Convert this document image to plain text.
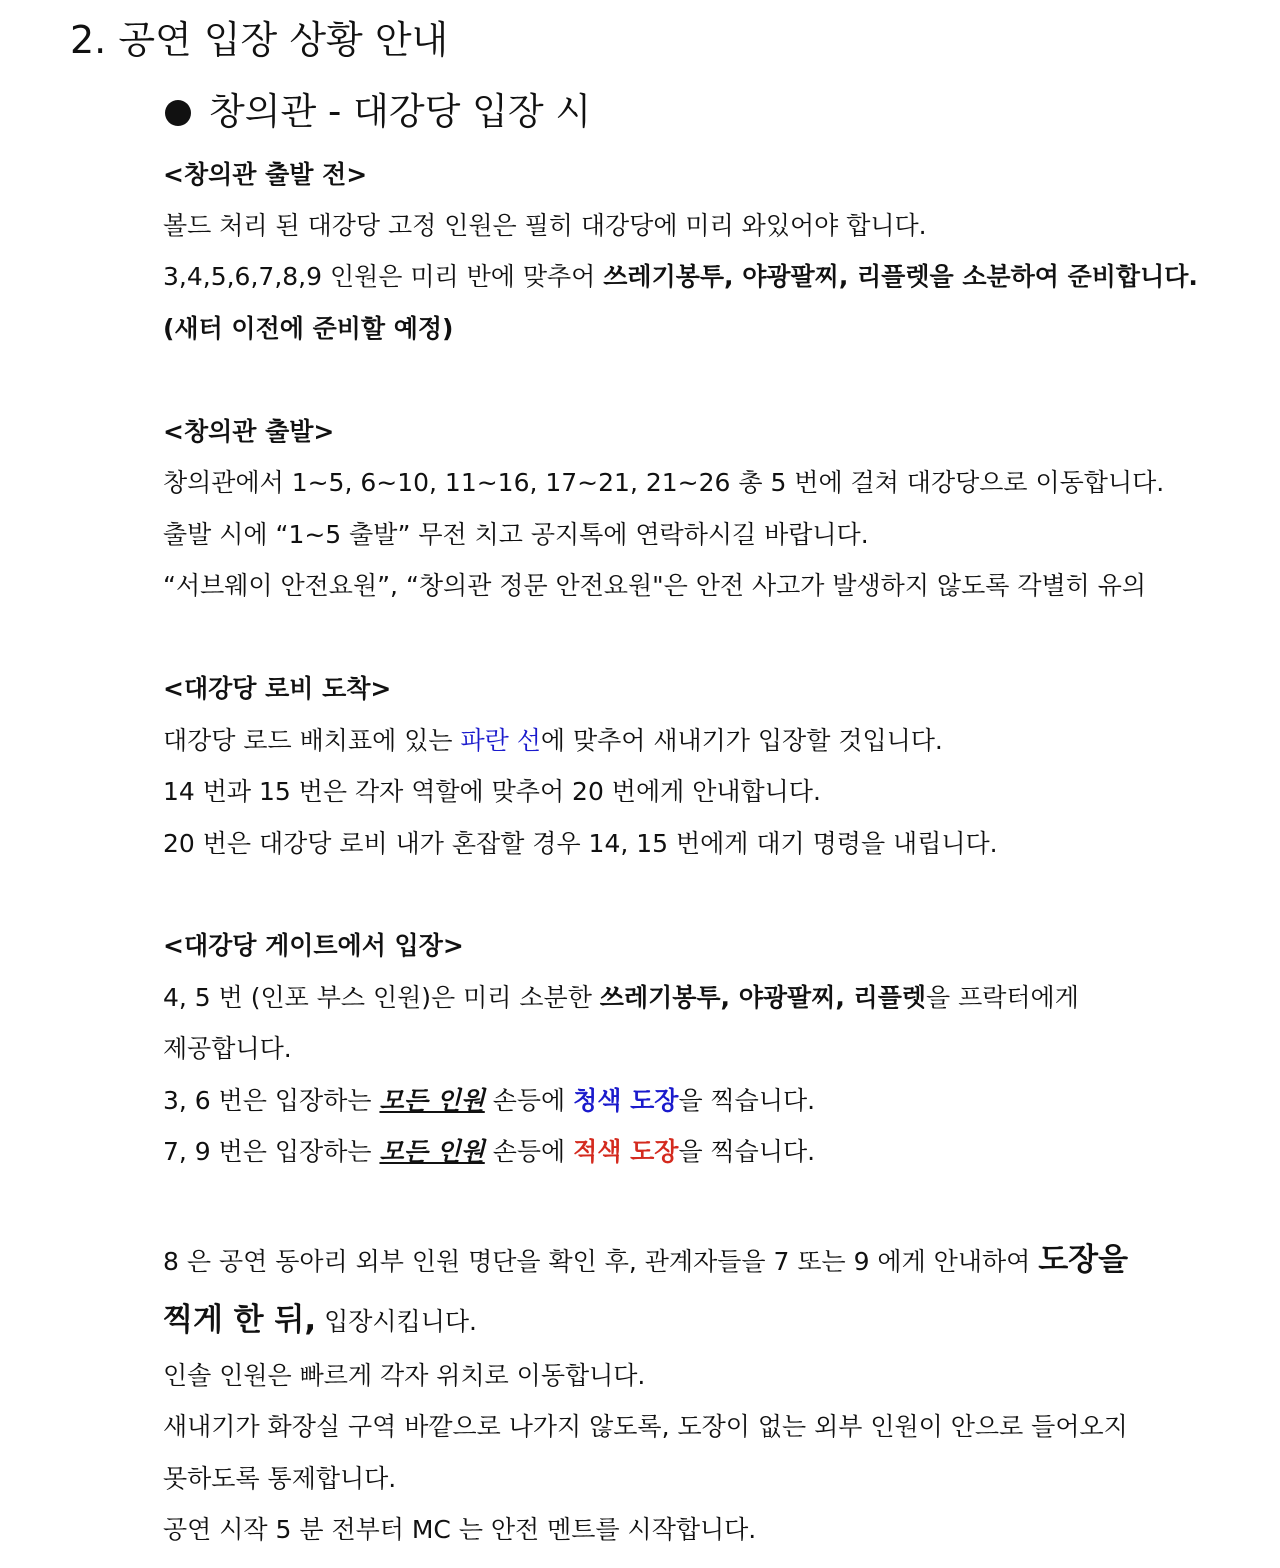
2. 공연 입장 상황 안내
창의관 - 대강당 입장 시
<창의관 출발 전>
볼드 처리 된 대강당 고정 인원은 필히 대강당에 미리 와있어야 합니다.
3,4,5,6,7,8,9 인원은 미리 반에 맞추어 쓰레기봉투, 야광팔찌, 리플렛을 소분하여 준비합니다.
(새터 이전에 준비할 예정)
<창의관 출발>
창의관에서 1~5, 6~10, 11~16, 17~21, 21~26 총 5 번에 걸쳐 대강당으로 이동합니다.
출발 시에 “1~5 출발” 무전 치고 공지톡에 연락하시길 바랍니다.
“서브웨이 안전요원”, “창의관 정문 안전요원"은 안전 사고가 발생하지 않도록 각별히 유의
<대강당 로비 도착>
대강당 로드 배치표에 있는 파란 선에 맞추어 새내기가 입장할 것입니다.
14 번과 15 번은 각자 역할에 맞추어 20 번에게 안내합니다.
20 번은 대강당 로비 내가 혼잡할 경우 14, 15 번에게 대기 명령을 내립니다.
<대강당 게이트에서 입장>
4, 5 번 (인포 부스 인원)은 미리 소분한 쓰레기봉투, 야광팔찌, 리플렛을 프락터에게
제공합니다.
3, 6 번은 입장하는 모든 인원 손등에 청색 도장을 찍습니다.
7, 9 번은 입장하는 모든 인원 손등에 적색 도장을 찍습니다.
8 은 공연 동아리 외부 인원 명단을 확인 후, 관계자들을 7 또는 9 에게 안내하여 도장을
찍게 한 뒤, 입장시킵니다.
인솔 인원은 빠르게 각자 위치로 이동합니다.
새내기가 화장실 구역 바깥으로 나가지 않도록, 도장이 없는 외부 인원이 안으로 들어오지
못하도록 통제합니다.
공연 시작 5 분 전부터 MC 는 안전 멘트를 시작합니다.
